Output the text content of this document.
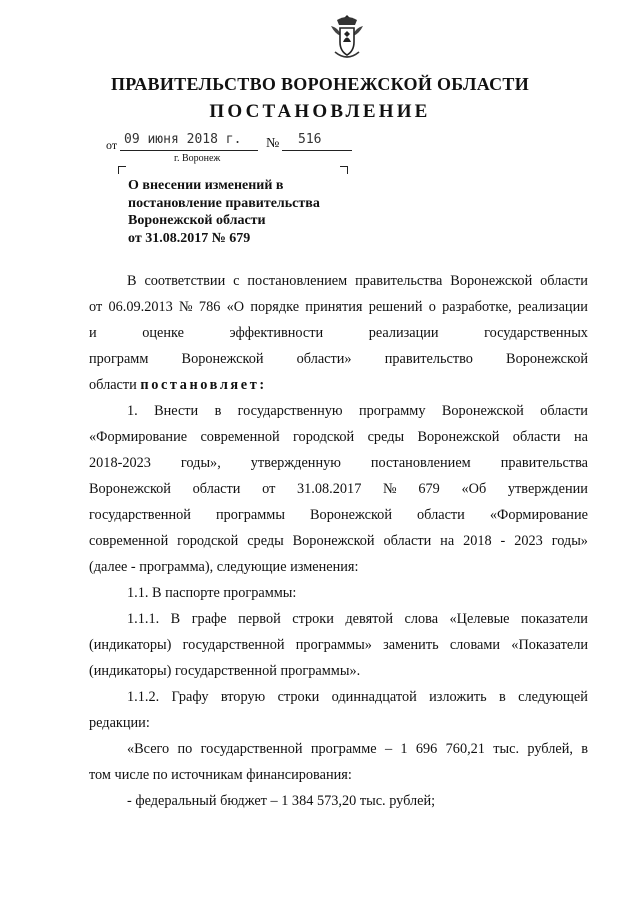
ПРАВИТЕЛЬСТВО ВОРОНЕЖСКОЙ ОБЛАСТИ
ПОСТАНОВЛЕНИЕ
от 09 июня 2018 г. № 516
г. Воронеж
О внесении изменений в
постановление правительства
Воронежской области
от 31.08.2017 № 679
В соответствии с постановлением правительства Воронежской области
от 06.09.2013 № 786 «О порядке принятия решений о разработке, реализации
и	оценке	эффективности	реализации	государственных
программ Воронежской области» правительство Воронежской
области
постановляет:
1. Внести в государственную программу Воронежской области
«Формирование современной городской среды Воронежской области на
2018-2023 годы», утвержденную постановлением правительства
Воронежской области от 31.08.2017 № 679 «Об утверждении
государственной программы Воронежской области «Формирование
современной городской среды Воронежской области на 2018 - 2023 годы»
(далее - программа), следующие изменения:
1.1. В паспорте программы:
1.1.1. В графе первой строки девятой слова «Целевые показатели
(индикаторы) государственной программы» заменить словами «Показатели
(индикаторы) государственной программы».
1.1.2. Графу вторую строки одиннадцатой изложить в следующей
редакции:
«Всего по государственной программе – 1 696 760,21 тыс. рублей, в
том числе по источникам финансирования:
- федеральный бюджет – 1 384 573,20 тыс. рублей;
